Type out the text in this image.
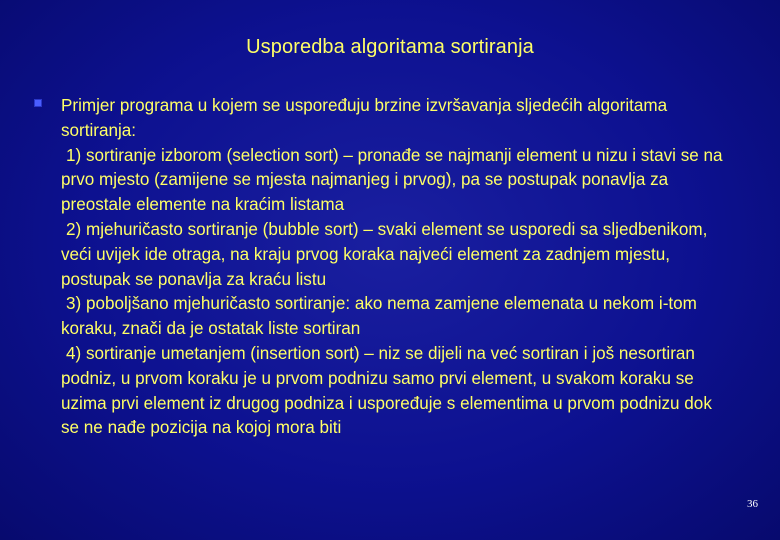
Usporedba algoritama sortiranja
Primjer programa u kojem se uspoređuju brzine izvršavanja sljedećih algoritama sortiranja:
1) sortiranje izborom (selection sort) – pronađe se najmanji element u nizu i stavi se na prvo mjesto (zamijene se mjesta najmanjeg i prvog), pa se postupak ponavlja za preostale elemente na kraćim listama
2) mjehuričasto sortiranje (bubble sort) – svaki element se usporedi sa sljedbenikom, veći uvijek ide otraga, na kraju prvog koraka najveći element za zadnjem mjestu, postupak se ponavlja za kraću listu
3) poboljšano mjehuričasto sortiranje: ako nema zamjene elemenata u nekom i-tom koraku, znači da je ostatak liste sortiran
4) sortiranje umetanjem (insertion sort) – niz se dijeli na već sortiran i još nesortiran podniz, u prvom koraku je u prvom podnizu samo prvi element, u svakom koraku se uzima prvi element iz drugog podniza i uspoređuje s elementima u prvom podnizu dok se ne nađe pozicija na kojoj mora biti
36
